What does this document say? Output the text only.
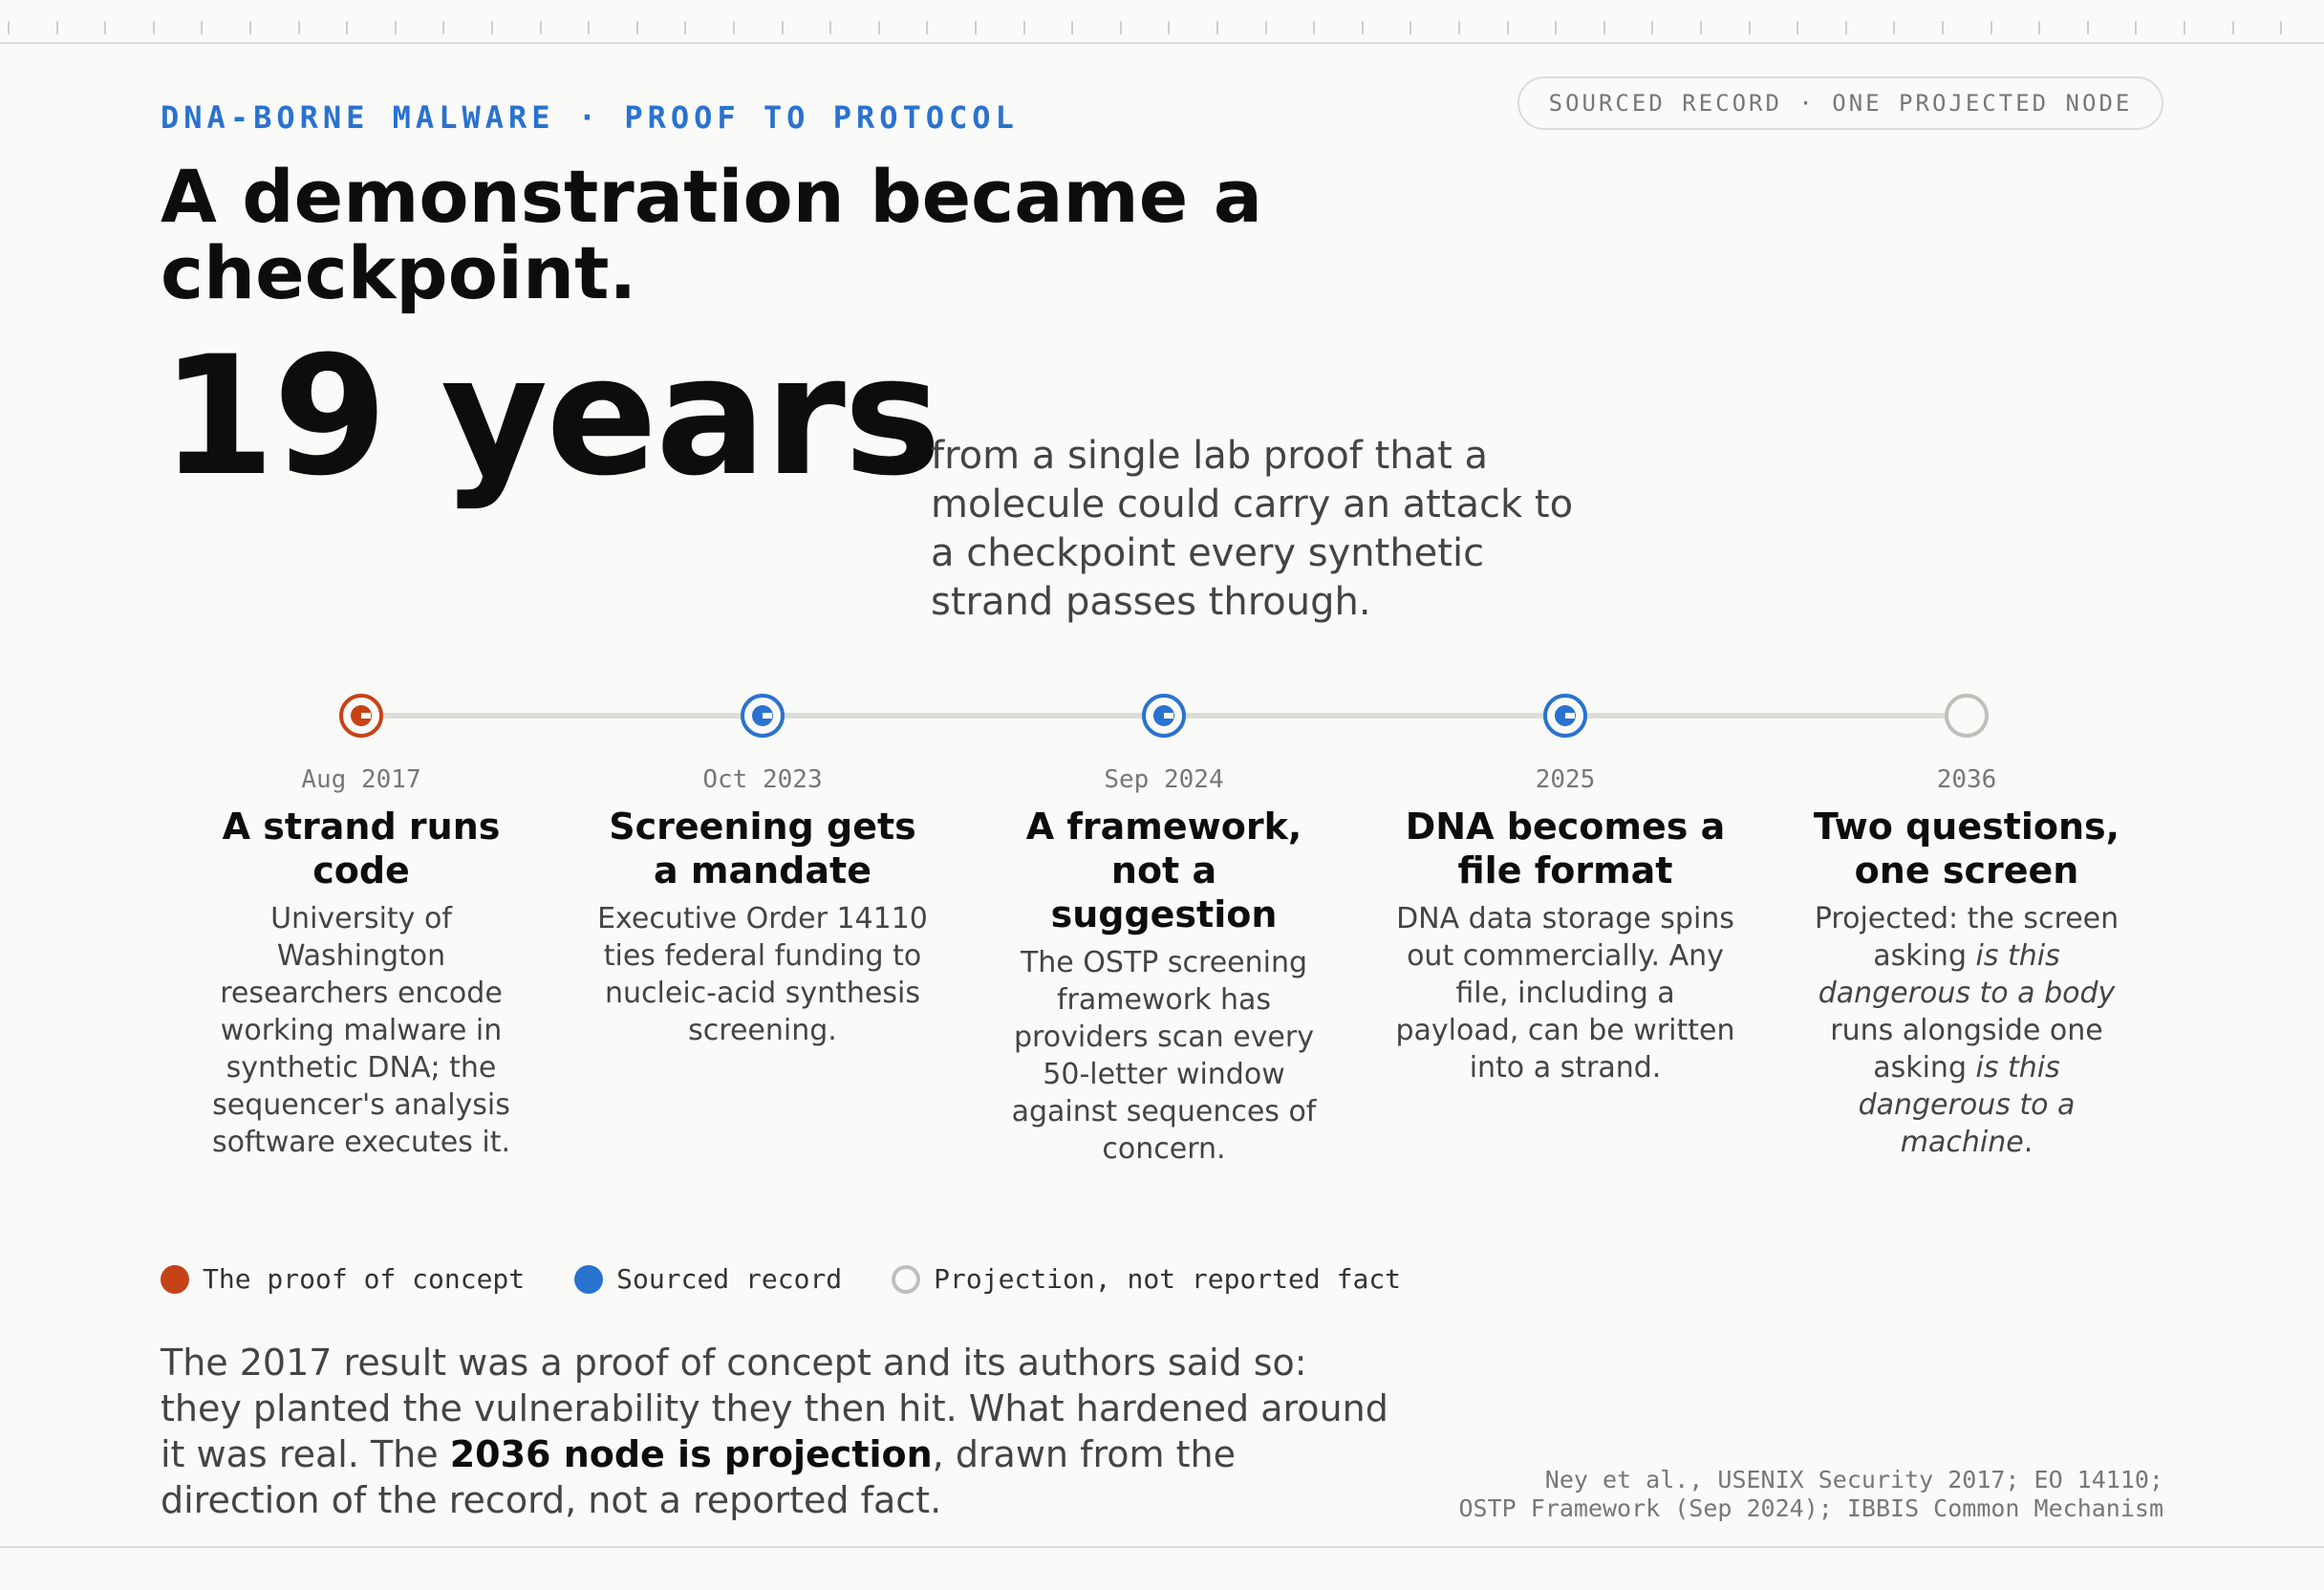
DNA-BORNE MALWARE · PROOF TO PROTOCOL	SOURCED RECORD · ONE PROJECTED NODE
A demonstration became a checkpoint.
19 years
from a single lab proof that a molecule could carry an attack to a checkpoint every synthetic strand passes through.
Aug 2017
A strand runs code
University of Washington researchers encode working malware in synthetic DNA; the sequencer's analysis software executes it.
Oct 2023
Screening gets a mandate
Executive Order 14110 ties federal funding to nucleic-acid synthesis screening.
Sep 2024
A framework, not a suggestion
The OSTP screening framework has providers scan every 50-letter window against sequences of concern.
2025
DNA becomes a file format
DNA data storage spins out commercially. Any file, including a payload, can be written into a strand.
2036
Two questions, one screen
Projected: the screen asking is this dangerous to a body runs alongside one asking is this dangerous to a machine.
The proof of concept	Sourced record	Projection, not reported fact

The 2017 result was a proof of concept and its authors said so: they planted the vulnerability they then hit. What hardened around it was real. The 2036 node is projection, drawn from the direction of the record, not a reported fact.	Ney et al., USENIX Security 2017; EO 14110;
OSTP Framework (Sep 2024); IBBIS Common Mechanism
